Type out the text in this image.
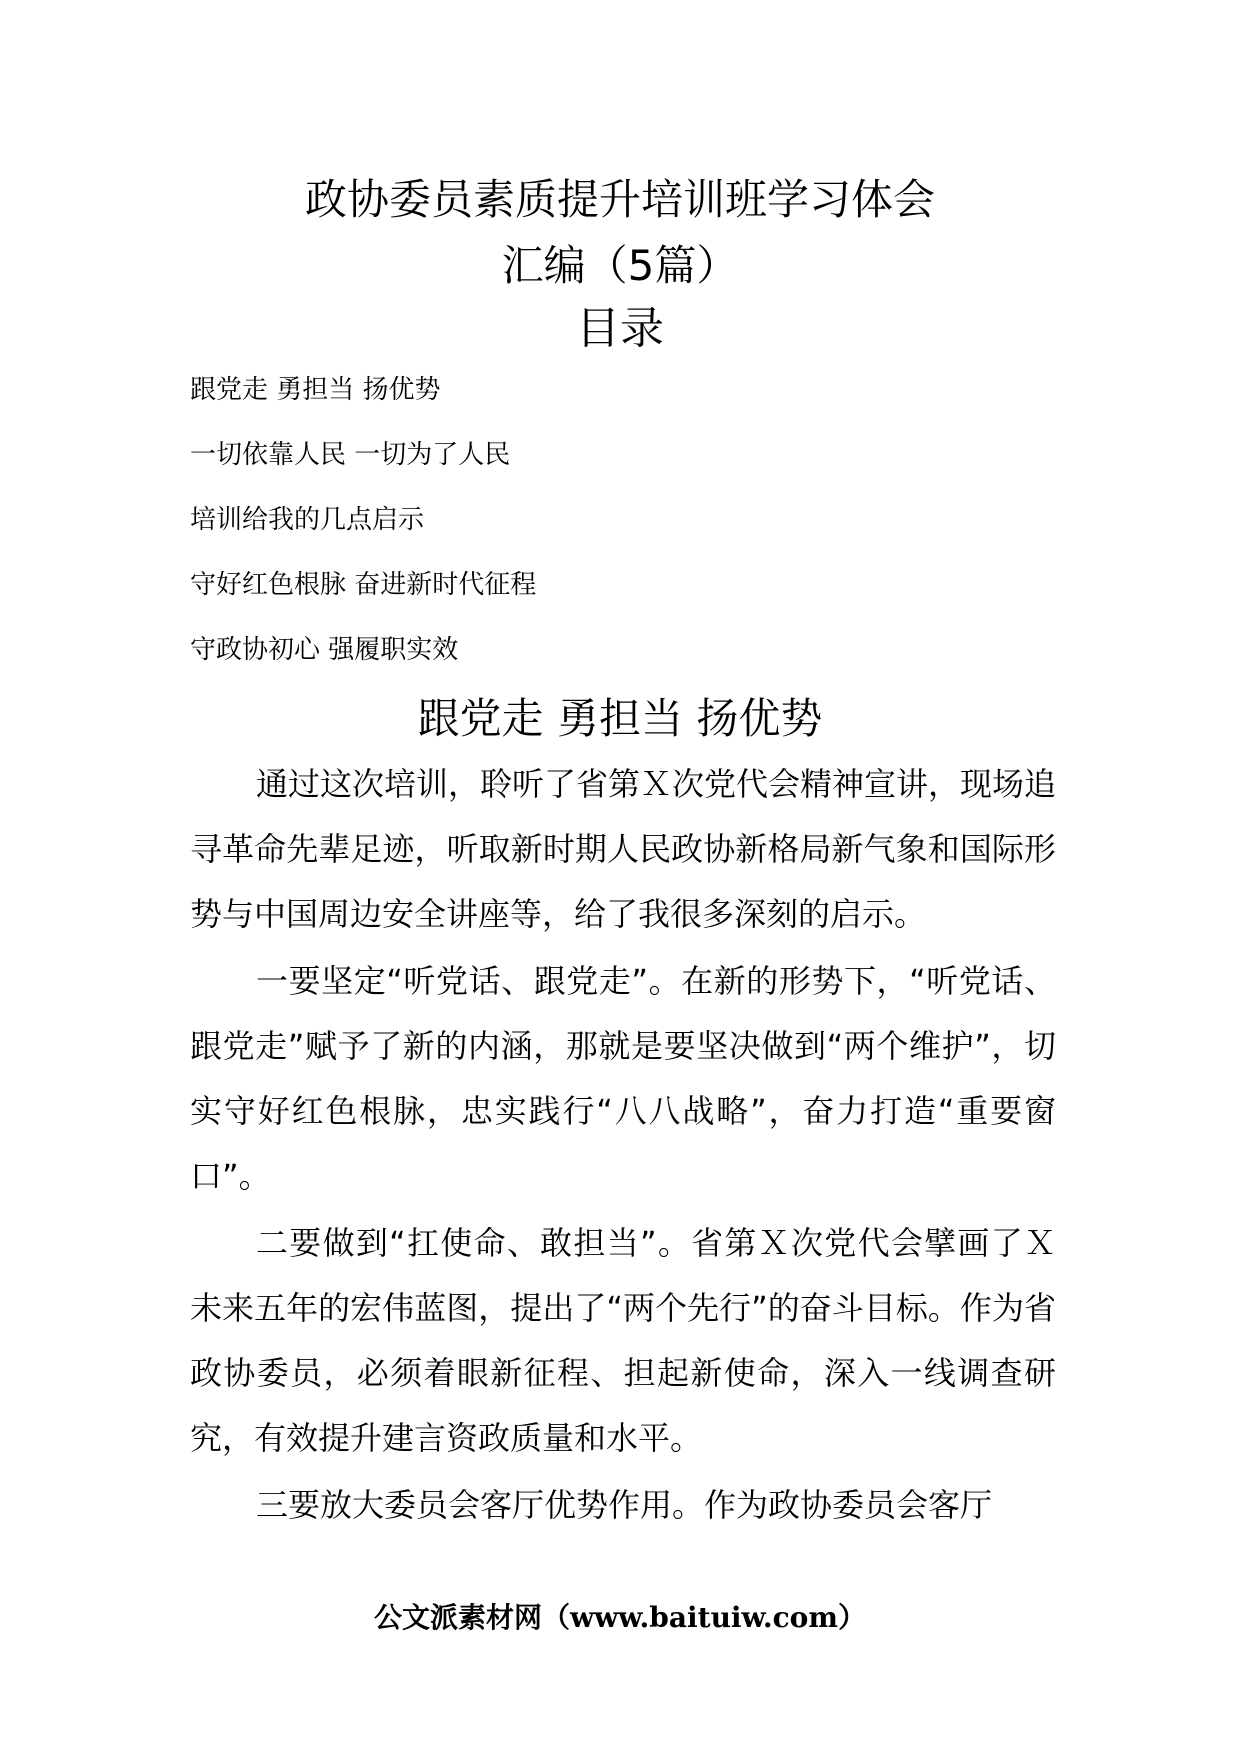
政协委员素质提升培训班学习体会
汇编（5篇）
目录
跟党走 勇担当 扬优势
一切依靠人民 一切为了人民
培训给我的几点启示
守好红色根脉 奋进新时代征程
守政协初心 强履职实效
跟党走 勇担当 扬优势

通过这次培训，聆听了省第Ｘ次党代会精神宣讲，现场追寻革命先辈足迹，听取新时期人民政协新格局新气象和国际形势与中国周边安全讲座等，给了我很多深刻的启示。

一要坚定“听党话、跟党走”。在新的形势下，“听党话、跟党走”赋予了新的内涵，那就是要坚决做到“两个维护”，切实守好红色根脉，忠实践行“八八战略”，奋力打造“重要窗口”。

二要做到“扛使命、敢担当”。省第Ｘ次党代会擘画了Ｘ未来五年的宏伟蓝图，提出了“两个先行”的奋斗目标。作为省政协委员，必须着眼新征程、担起新使命，深入一线调查研究，有效提升建言资政质量和水平。

三要放大委员会客厅优势作用。作为政协委员会客厅

公文派素材网（www.baituiw.com）
